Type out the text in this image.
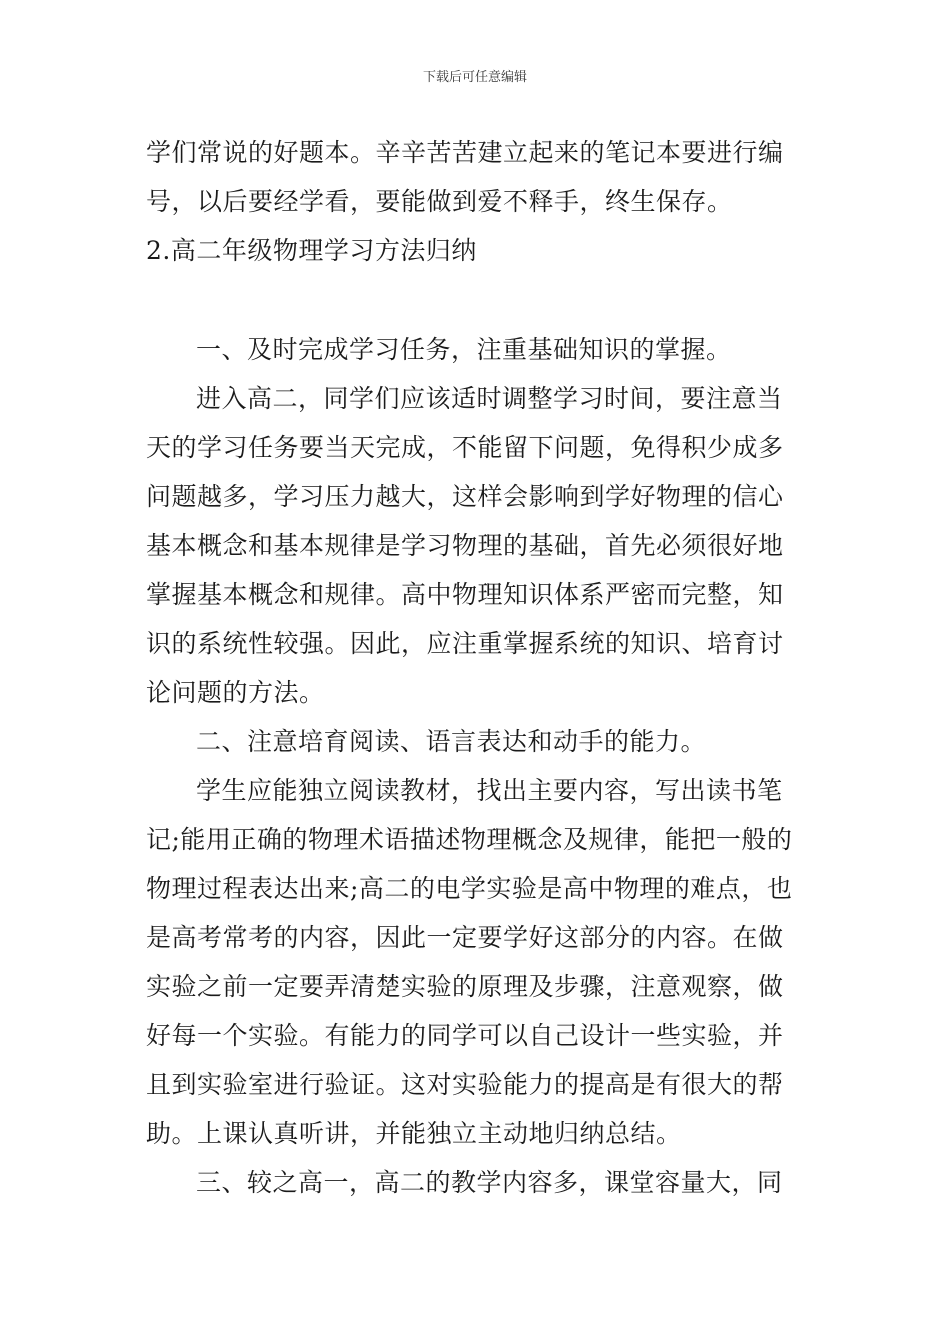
下载后可任意编辑
学们常说的好题本。辛辛苦苦建立起来的笔记本要进行编
号，以后要经学看，要能做到爱不释手，终生保存。
2.高二年级物理学习方法归纳
一、及时完成学习任务，注重基础知识的掌握。
进入高二，同学们应该适时调整学习时间，要注意当
天的学习任务要当天完成，不能留下问题，免得积少成多
问题越多，学习压力越大，这样会影响到学好物理的信心
基本概念和基本规律是学习物理的基础，首先必须很好地
掌握基本概念和规律。高中物理知识体系严密而完整，知
识的系统性较强。因此，应注重掌握系统的知识、培育讨
论问题的方法。
二、注意培育阅读、语言表达和动手的能力。
学生应能独立阅读教材，找出主要内容，写出读书笔
记;能用正确的物理术语描述物理概念及规律，能把一般的
物理过程表达出来;高二的电学实验是高中物理的难点，也
是高考常考的内容，因此一定要学好这部分的内容。在做
实验之前一定要弄清楚实验的原理及步骤，注意观察，做
好每一个实验。有能力的同学可以自己设计一些实验，并
且到实验室进行验证。这对实验能力的提高是有很大的帮
助。上课认真听讲，并能独立主动地归纳总结。
三、较之高一，高二的教学内容多，课堂容量大，同
